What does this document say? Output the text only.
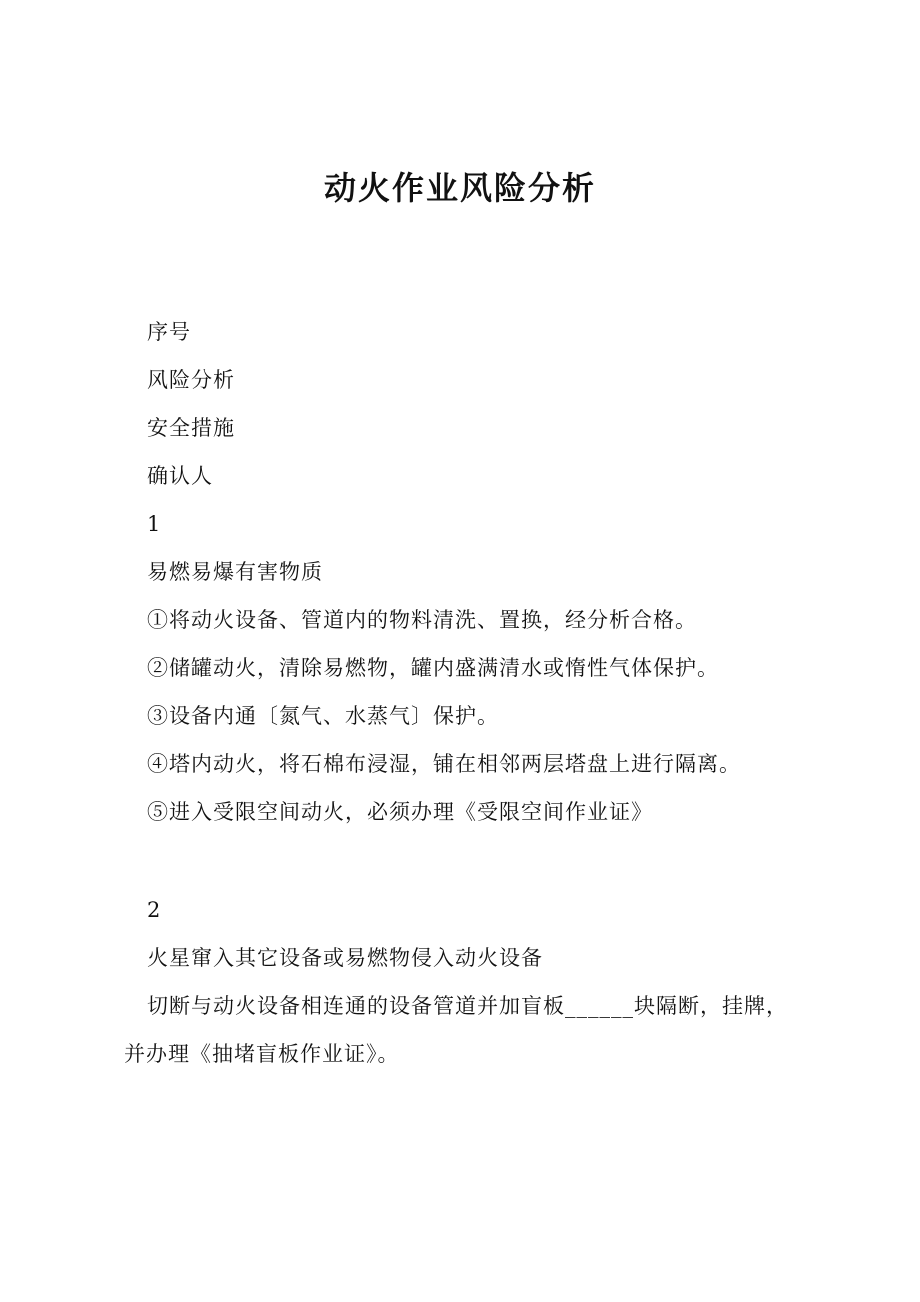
动火作业风险分析
序号
风险分析
安全措施
确认人
1
易燃易爆有害物质
①将动火设备、管道内的物料清洗、置换，经分析合格。
②储罐动火，清除易燃物，罐内盛满清水或惰性气体保护。
③设备内通〔氮气、水蒸气〕保护。
④塔内动火，将石棉布浸湿，铺在相邻两层塔盘上进行隔离。
⑤进入受限空间动火，必须办理《受限空间作业证》
2
火星窜入其它设备或易燃物侵入动火设备
切断与动火设备相连通的设备管道并加盲板______块隔断，挂牌，
并办理《抽堵盲板作业证》。
